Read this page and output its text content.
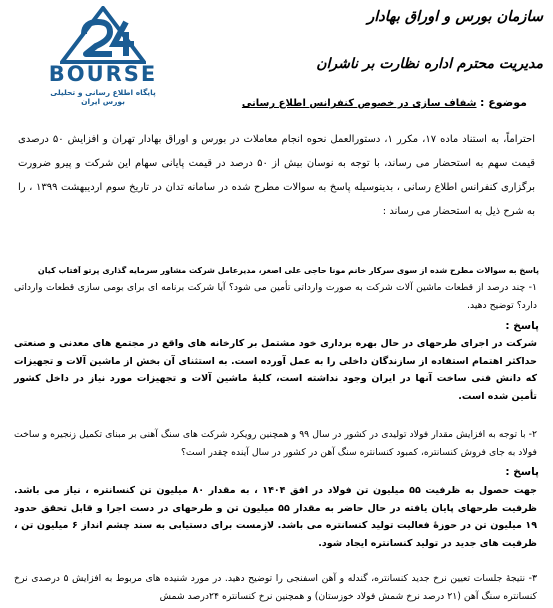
BOURSE
پایگاه اطلاع رسانی و تحلیلی بورس ایران
سازمان بورس و اوراق بهادار
مدیریت محترم اداره نظارت بر ناشران
موضوع : شفاف سازی در خصوص کنفرانس اطلاع رسانی
احتراماً، به استناد ماده ۱۷، مکرر ۱، دستورالعمل نحوه انجام معاملات در بورس و اوراق بهادار تهران و افزایش ۵۰ درصدی قیمت سهم به استحضار می رساند، با توجه به نوسان بیش از ۵۰ درصد در قیمت پایانی سهام این شرکت و پیرو ضرورت برگزاری کنفرانس اطلاع رسانی ، بدینوسیله پاسخ به سوالات مطرح شده در سامانه تدان در تاریخ سوم اردیبهشت ۱۳۹۹ ، را به شرح ذیل به استحضار می رساند :
پاسخ به سوالات مطرح شده از سوی سرکار خانم مونا حاجی علی اصغر، مدیرعامل شرکت مشاور سرمایه گذاری پرتو آفتاب کیان
۱- چند درصد از قطعات ماشین آلات شرکت به صورت وارداتی تأمین می شود؟ آیا شرکت برنامه ای برای بومی سازی قطعات وارداتی دارد؟ توضیح دهید.
پاسخ :
شرکت در اجرای طرحهای در حال بهره برداری خود مشتمل بر کارخانه های واقع در مجتمع های معدنی و صنعتی حداکثر اهتمام استفاده از سازندگان داخلی را به عمل آورده است. به استثنای آن بخش از ماشین آلات و تجهیزات که دانش فنی ساخت آنها در ایران وجود نداشته است، کلیۀ ماشین آلات و تجهیزات مورد نیاز در داخل کشور تأمین شده است.
۲- با توجه به افزایش مقدار فولاد تولیدی در کشور در سال ۹۹ و همچنین رویکرد شرکت های سنگ آهنی بر مبنای تکمیل زنجیره و ساخت فولاد به جای فروش کنسانتره، کمبود کنسانتره سنگ آهن در کشور در سال آینده چقدر است؟
پاسخ :
جهت حصول به ظرفیت ۵۵ میلیون تن فولاد در افق ۱۴۰۴ ، به مقدار ۸۰ میلیون تن کنسانتره ، نیاز می باشد. ظرفیت طرحهای پایان یافته در حال حاضر به مقدار ۵۵ میلیون تن و طرحهای در دست اجرا و قابل تحقق حدود ۱۹ میلیون تن در حوزۀ فعالیت تولید کنسانتره می باشد. لازمست برای دستیابی به سند چشم انداز ۶ میلیون تن ، ظرفیت های جدید در تولید کنسانتره ایجاد شود.
۳- نتیجۀ جلسات تعیین نرخ جدید کنسانتره، گندله و آهن اسفنجی را توضیح دهید. در مورد شنیده های مربوط به افزایش ۵ درصدی نرخ کنسانتره سنگ آهن (۲۱ درصد نرخ شمش فولاد خوزستان) و همچنین نرخ کنسانتره ۲۴درصد شمش
